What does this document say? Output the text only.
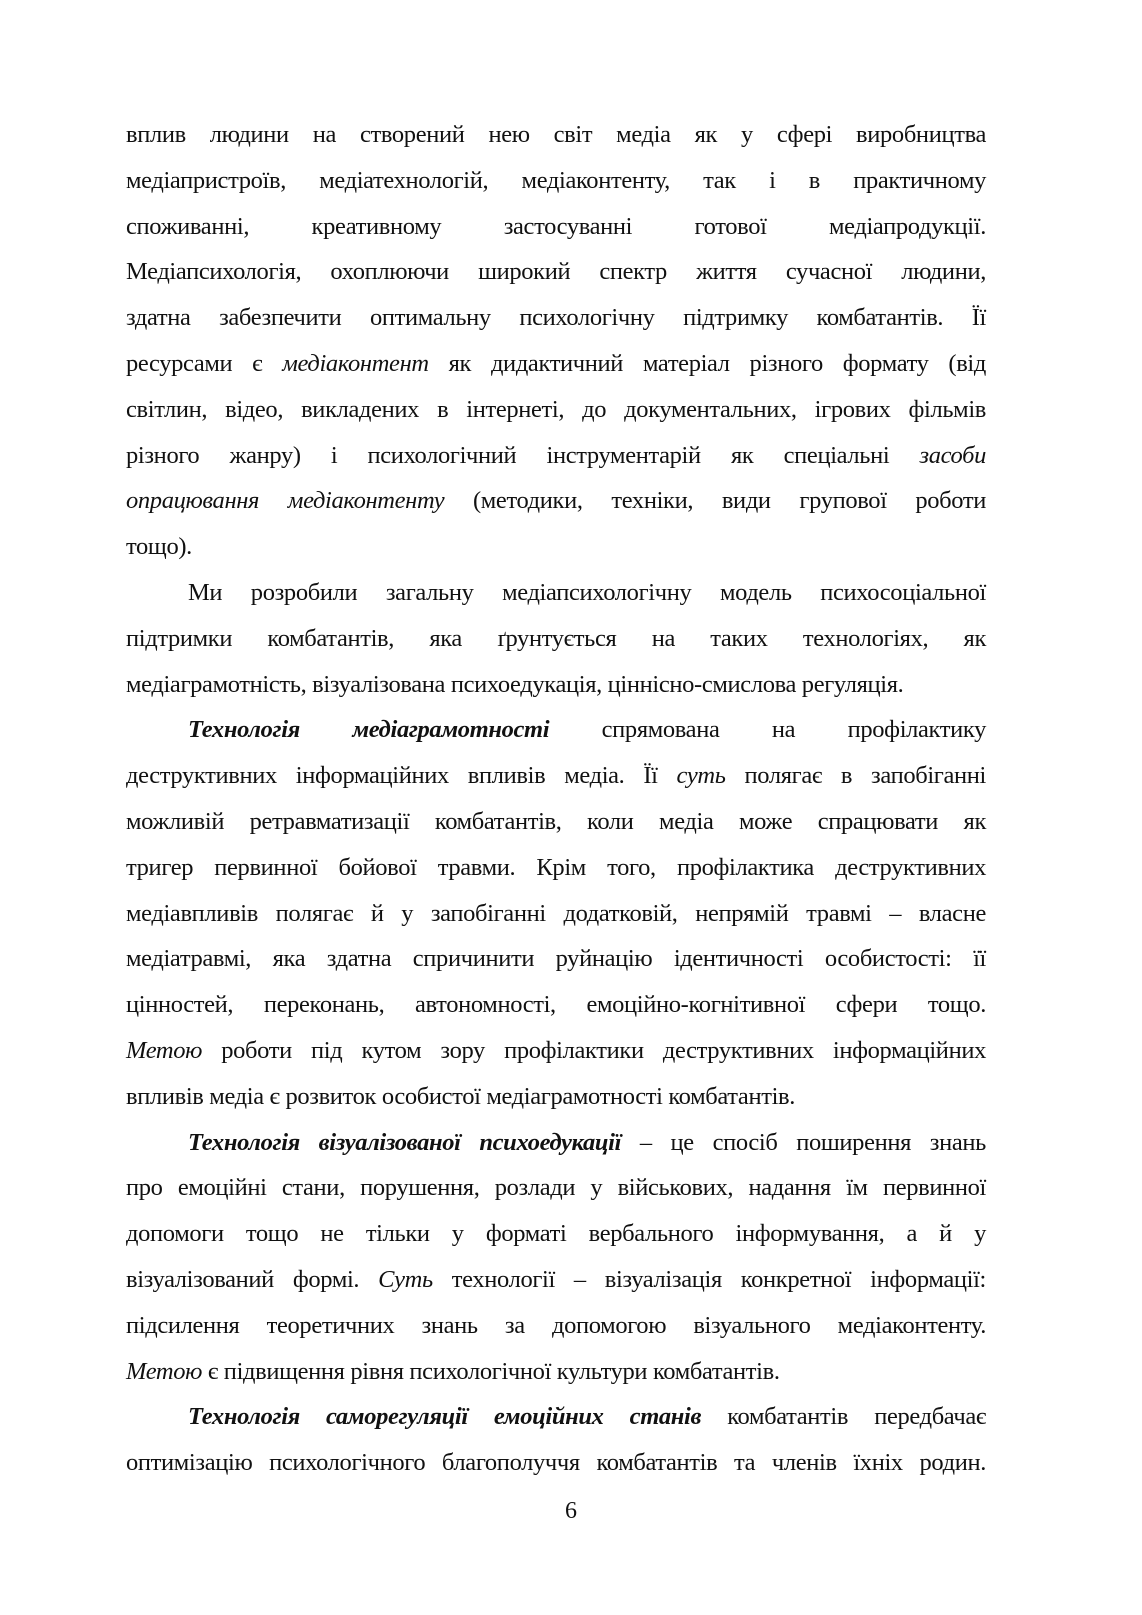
вплив людини на створений нею світ медіа як у сфері виробництва
медіапристроїв, медіатехнологій, медіаконтенту, так і в практичному
споживанні, креативному застосуванні готової медіапродукції.
Медіапсихологія, охоплюючи широкий спектр життя сучасної людини,
здатна забезпечити оптимальну психологічну підтримку комбатантів. Її
ресурсами є медіаконтент як дидактичний матеріал різного формату (від
світлин, відео, викладених в інтернеті, до документальних, ігрових фільмів
різного жанру) і психологічний інструментарій як спеціальні засоби
опрацювання медіаконтенту (методики, техніки, види групової роботи
тощо).
Ми розробили загальну медіапсихологічну модель психосоціальної
підтримки комбатантів, яка ґрунтується на таких технологіях, як
медіаграмотність, візуалізована психоедукація, ціннісно-смислова регуляція.
Технологія медіаграмотності спрямована на профілактику
деструктивних інформаційних впливів медіа. Її суть полягає в запобіганні
можливій ретравматизації комбатантів, коли медіа може спрацювати як
тригер первинної бойової травми. Крім того, профілактика деструктивних
медіавпливів полягає й у запобіганні додатковій, непрямій травмі – власне
медіатравмі, яка здатна спричинити руйнацію ідентичності особистості: її
цінностей, переконань, автономності, емоційно-когнітивної сфери тощо.
Метою роботи під кутом зору профілактики деструктивних інформаційних
впливів медіа є розвиток особистої медіаграмотності комбатантів.
Технологія візуалізованої психоедукації – це спосіб поширення знань
про емоційні стани, порушення, розлади у військових, надання їм первинної
допомоги тощо не тільки у форматі вербального інформування, а й у
візуалізований формі. Суть технології – візуалізація конкретної інформації:
підсилення теоретичних знань за допомогою візуального медіаконтенту.
Метою є підвищення рівня психологічної культури комбатантів.
Технологія саморегуляції емоційних станів комбатантів передбачає
оптимізацію психологічного благополуччя комбатантів та членів їхніх родин.
6
